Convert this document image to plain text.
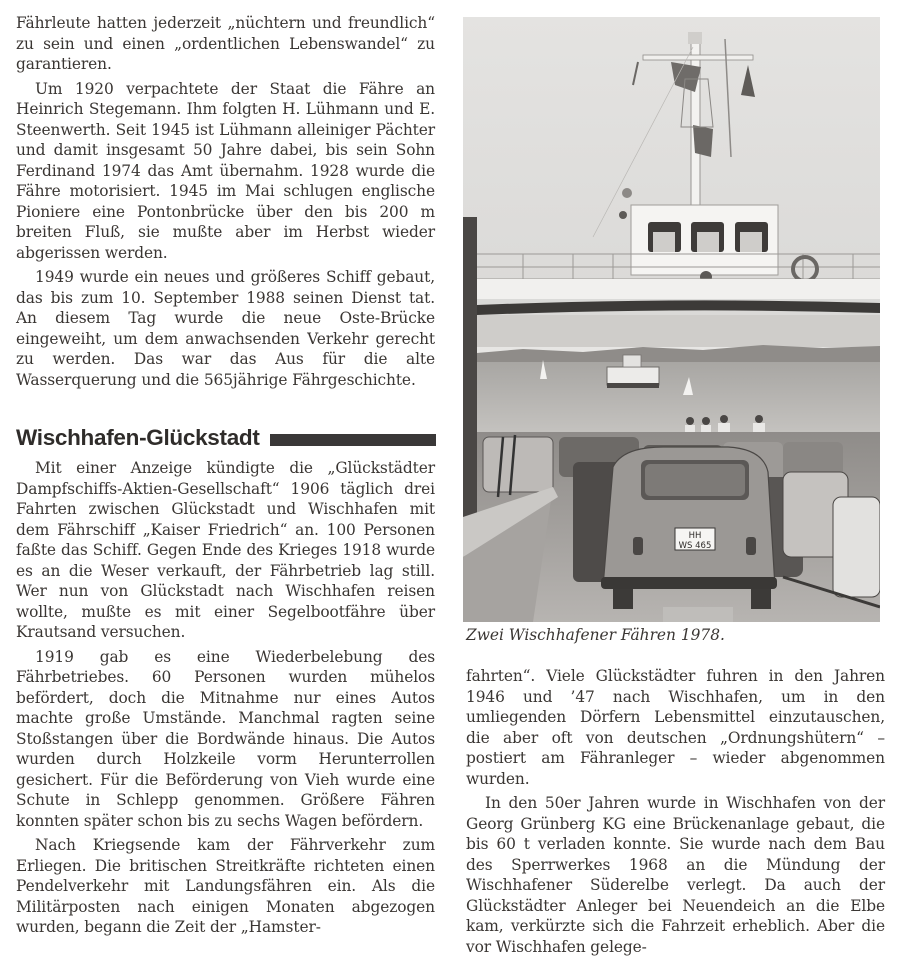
Fährleute hatten jederzeit „nüchtern und freundlich“ zu sein und einen „ordentlichen Lebenswandel“ zu garantieren.

Um 1920 verpachtete der Staat die Fähre an Heinrich Stegemann. Ihm folgten H. Lühmann und E. Steenwerth. Seit 1945 ist Lühmann alleiniger Pächter und damit insgesamt 50 Jahre dabei, bis sein Sohn Ferdinand 1974 das Amt übernahm. 1928 wurde die Fähre motorisiert. 1945 im Mai schlugen englische Pioniere eine Pontonbrücke über den bis 200 m breiten Fluß, sie mußte aber im Herbst wieder abgerissen werden.

1949 wurde ein neues und größeres Schiff gebaut, das bis zum 10. September 1988 seinen Dienst tat. An diesem Tag wurde die neue Oste-Brücke eingeweiht, um dem anwachsenden Verkehr gerecht zu werden. Das war das Aus für die alte Wasserquerung und die 565jährige Fährgeschichte.

Wischhafen-Glückstadt

Mit einer Anzeige kündigte die „Glückstädter Dampfschiffs-Aktien-Gesellschaft“ 1906 täglich drei Fahrten zwischen Glückstadt und Wischhafen mit dem Fährschiff „Kaiser Friedrich“ an. 100 Personen faßte das Schiff. Gegen Ende des Krieges 1918 wurde es an die Weser verkauft, der Fährbetrieb lag still. Wer nun von Glückstadt nach Wischhafen reisen wollte, mußte es mit einer Segelbootfähre über Krautsand versuchen.

1919 gab es eine Wiederbelebung des Fährbetriebes. 60 Personen wurden mühelos befördert, doch die Mitnahme nur eines Autos machte große Umstände. Manchmal ragten seine Stoßstangen über die Bordwände hinaus. Die Autos wurden durch Holzkeile vorm Herunterrollen gesichert. Für die Beförderung von Vieh wurde eine Schute in Schlepp genommen. Größere Fähren konnten später schon bis zu sechs Wagen befördern.

Nach Kriegsende kam der Fährverkehr zum Erliegen. Die britischen Streitkräfte richteten einen Pendelverkehr mit Landungsfähren ein. Als die Militärposten nach einigen Monaten abgezogen wurden, begann die Zeit der „Hamster-

HH
WS 465
Zwei Wischhafener Fähren 1978.

fahrten“. Viele Glückstädter fuhren in den Jahren 1946 und ’47 nach Wischhafen, um in den umliegenden Dörfern Lebensmittel einzutauschen, die aber oft von deutschen „Ordnungshütern“ – postiert am Fähranleger – wieder abgenommen wurden.

In den 50er Jahren wurde in Wischhafen von der Georg Grünberg KG eine Brückenanlage gebaut, die bis 60 t verladen konnte. Sie wurde nach dem Bau des Sperrwerkes 1968 an die Mündung der Wischhafener Süderelbe verlegt. Da auch der Glückstädter Anleger bei Neuendeich an die Elbe kam, verkürzte sich die Fahrzeit erheblich. Aber die vor Wischhafen gelege-
